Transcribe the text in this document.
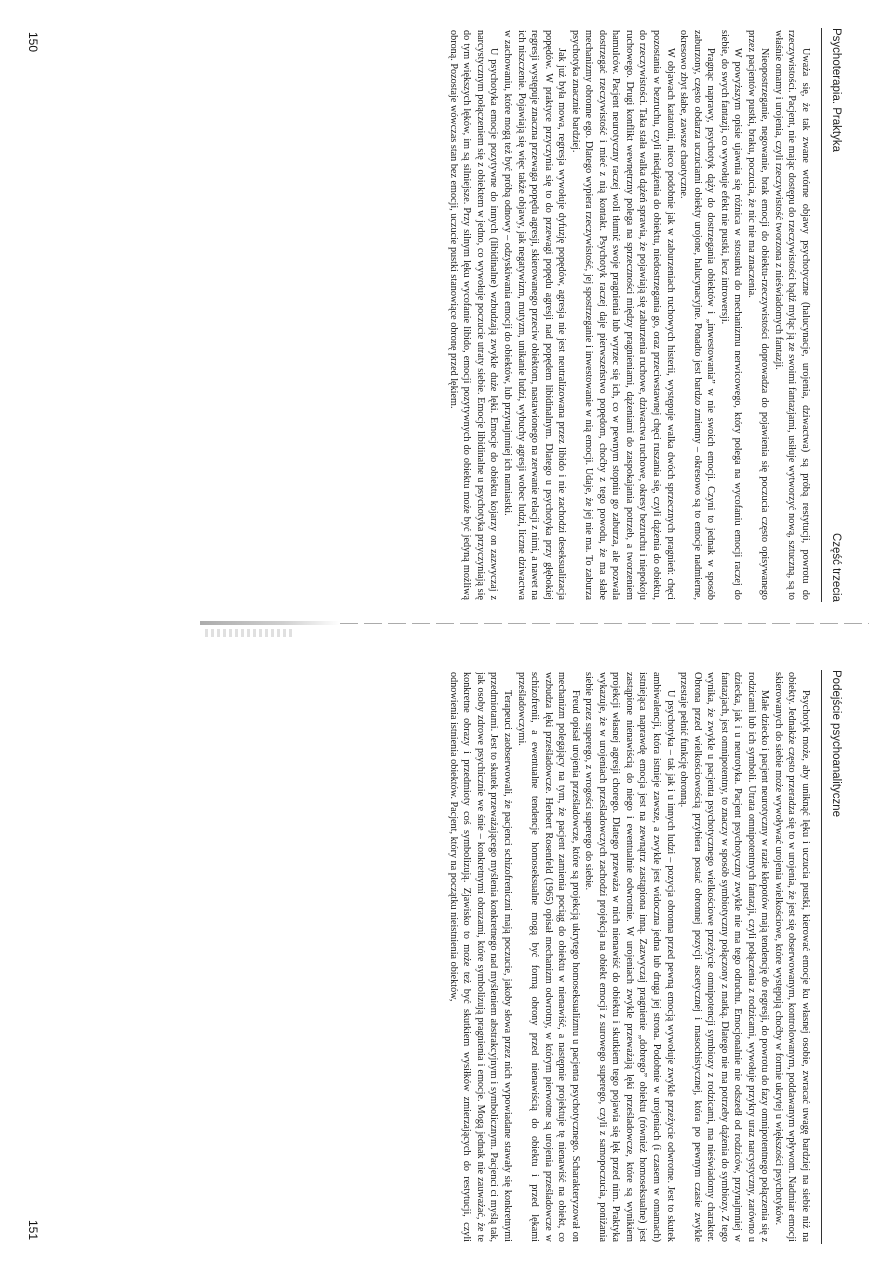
Psychoterapia. Praktyka
Część trzecia

Uważa się, że tak zwane wtórne objawy psychotyczne (halucynacje, urojenia, dziwactwa) są próbą restytucji, powrotu do rzeczywistości. Pacjent, nie mając dostępu do rzeczywistości bądź myląc ją ze swoimi fantazjami, usiłuje wytworzyć nową, sztuczną, są to właśnie omamy i urojenia, czyli rzeczywistość tworzona z nieświadomych fantazji.

Nieopostrzeganie, negowanie, brak emocji do obiektu-rzeczywistości doprowadza do pojawienia się poczucia często opisywanego przez pacjentów pustki, braku, poczucia, że nic nie ma znaczenia.

W powyższym opisie ujawnia się różnica w stosunku do mechanizmu nerwicowego, który polega na wycofaniu emocji raczej do siebie, do swych fantazji, co wywołuje efekt nie pustki, lecz introwersji.

Pragnąc naprawy, psychotyk dąży do dostrzegania obiektów i „inwestowania” w nie swoich emocji. Czyni to jednak w sposób zaburzony, często obdarza uczuciami obiekty urojone, halucynacyjne. Ponadto jest bardzo zmienny – okresowo są to emocje nadmierne, okresowo zbyt słabe, zawsze chaotyczne.

W objawach katatonii, nieco podobnie jak w zaburzeniach ruchowych histerii, występuje walka dwóch sprzecznych pragnień: chęci pozostania w bezruchu, czyli niedążenia do obiektu, niedostrzegania go, oraz przeciwstawnej chęci ruszania się, czyli dążenia do obiektu, do rzeczywistości. Taka stała walka dążeń sprawia, że pojawiają się zaburzenia ruchowe, dziwactwa ruchowe, okresy bezruchu i niepokoju ruchowego. Drugi konflikt wewnętrzny polega na sprzeczności między pragnieniami, dążeniami do zaspokajania potrzeb, a tworzeniem hamulców. Pacjent neurotyczny raczej woli tłumić swoje pragnienia lub wyrzec się ich, co w pewnym stopniu go zaburza, ale pozwala dostrzegać rzeczywistość i mieć z nią kontakt. Psychotyk raczej daje pierwszeństwo popędom, choćby z tego powodu, że ma słabe mechanizmy obronne ego. Dlatego wypiera rzeczywistość, jej spostrzeganie i inwestowanie w nią emocji. Udaje, że jej nie ma. To zaburza psychotyka znacznie bardziej.

Jak już była mowa, regresja wywołuje dyfuzję popędów, agresja nie jest neutralizowana przez libido i nie zachodzi deseksualizacja popędów. W praktyce przyczynia się to do przewagi popędu agresji nad popędem libidinalnym. Dlatego u psychotyka przy głębokiej regresji występuje znaczna przewaga popędu agresji, skierowanego przeciw obiektom, nastawionego na zerwanie relacji z nimi, a nawet na ich niszczenie. Pojawiają się więc także objawy, jak negatywizm, mutyzm, unikanie ludzi, wybuchy agresji wobec ludzi, liczne dziwactwa w zachowaniu, które mogą też być próbą odnowy – odzyskiwania emocji do obiektów, lub przynajmniej ich namiastki.

U psychotyka emocje pozytywne do innych (libidinalne) wzbudzają zwykle duże lęki. Emocje do obiektu kojarzy on zazwyczaj z narcystycznym połączeniem się z obiektem w jedno, co wywołuje poczucie utraty siebie. Emocje libidinalne u psychotyka przyczyniają się do tym większych lęków, im są silniejsze. Przy silnym lęku wycofanie libido, emocji pozytywnych do obiektu może być jedyną możliwą obroną. Pozostaje wówczas stan bez emocji, uczucie pustki stanowiące obronę przed lękiem.

150
Podejście psychoanalityczne

Psychotyk może, aby uniknąć lęku i uczucia pustki, kierować emocje ku własnej osobie, zwracać uwagę bardziej na siebie niż na obiekty. Jednakże często przeradza się to w urojenia, że jest się obserwowanym, kontrolowanym, poddawanym wpływom. Nadmiar emocji skierowanych do siebie może wywoływać urojenia wielkościowe, które występują choćby w formie ukrytej u większości psychotyków.

Małe dziecko i pacjent neurotyczny w razie kłopotów mają tendencję do regresji, do powrotu do fazy omnipotentnego połączenia się z rodzicami lub ich symboli. Utrata omnipotentnych fantazji, czyli połączenia z rodzicami, wywołuje przykry uraz narcystyczny, zarówno u dziecka, jak i u neurotyka. Pacjent psychotyczny zwykle nie ma tego odruchu. Emocjonalnie nie odszedł od rodziców, przynajmniej w fantazjach, jest omnipotentny, to znaczy w sposób symbiotyczny połączony z matką. Dlatego nie ma potrzeby dążenia do symbiozy. Z tego wynika, że zwykle u pacjenta psychotycznego wielkościowe przeżycie omnipotencji symbiozy z rodzicami, ma nieświadomy charakter. Obrona przed wielkościowością przybiera postać obronnej pozycji ascetycznej i masochistycznej, która po pewnym czasie zwykle przestaje pełnić funkcję obronną.

U psychotyka – tak jak i u innych ludzi – pozycja obronna przed pewną emocją wywołuje zwykle przeżycie odwrotne. Jest to skutek ambiwalencji, która istnieje zawsze, a zwykle jest widoczna jedna lub druga jej strona. Podobnie w urojeniach (i czasem w omamach) istniejąca naprawdę emocja jest na zewnątrz zastąpiona inną. Zazwyczaj pragnienie „dobrego” obiektu (również homoseksualne) jest zastąpione nienawiścią do niego i ewentualnie odwrotnie. W urojeniach zwykle przeważają lęki prześladowcze, które są wynikiem projekcji własnej agresji chorego. Dlatego przeważa w nich nienawiść do obiektu i skutkiem tego pojawia się lęk przed nim. Praktyka wykazuje, że w urojeniach prześladowczych zachodzi projekcja na obiekt emocji z surowego superego, czyli z samopoczucia, poniżania siebie przez superego, z wrogości superego do siebie.

Freud opisał urojenia prześladowcze, które są projekcją ukrytego homoseksualizmu u pacjenta psychotycznego. Scharakteryzował on mechanizm polegający na tym, że pacjent zamienia pociąg do obiektu w nienawiść, a następnie projektuje tę nienawiść na obiekt, co wzbudza lęki prześladowcze. Herbert Rosenfeld (1965) opisał mechanizm odwrotny, w którym pierwotne są urojenia prześladowcze w schizofrenii, a ewentualne tendencje homoseksualne mogą być formą obrony przed nienawiścią do obiektu i przed lękami prześladowczymi.

Terapeuci zaobserwowali, że pacjenci schizofreniczni mają poczucie, jakoby słowa przez nich wypowiadane stawały się konkretnymi przedmiotami. Jest to skutek przeważającego myślenia konkretnego nad myśleniem abstrakcyjnym i symbolicznym. Pacjenci ci myślą tak, jak osoby zdrowe psychicznie we śnie – konkretnymi obrazami, które symbolizują pragnienia i emocje. Mogą jednak nie zauważać, że te konkretne obrazy i przedmioty coś symbolizują. Zjawisko to może też być skutkiem wysiłków zmierzających do restytucji, czyli odnowienia istnienia obiektów. Pacjent, który na początku nieistnienia obiektów,

151
